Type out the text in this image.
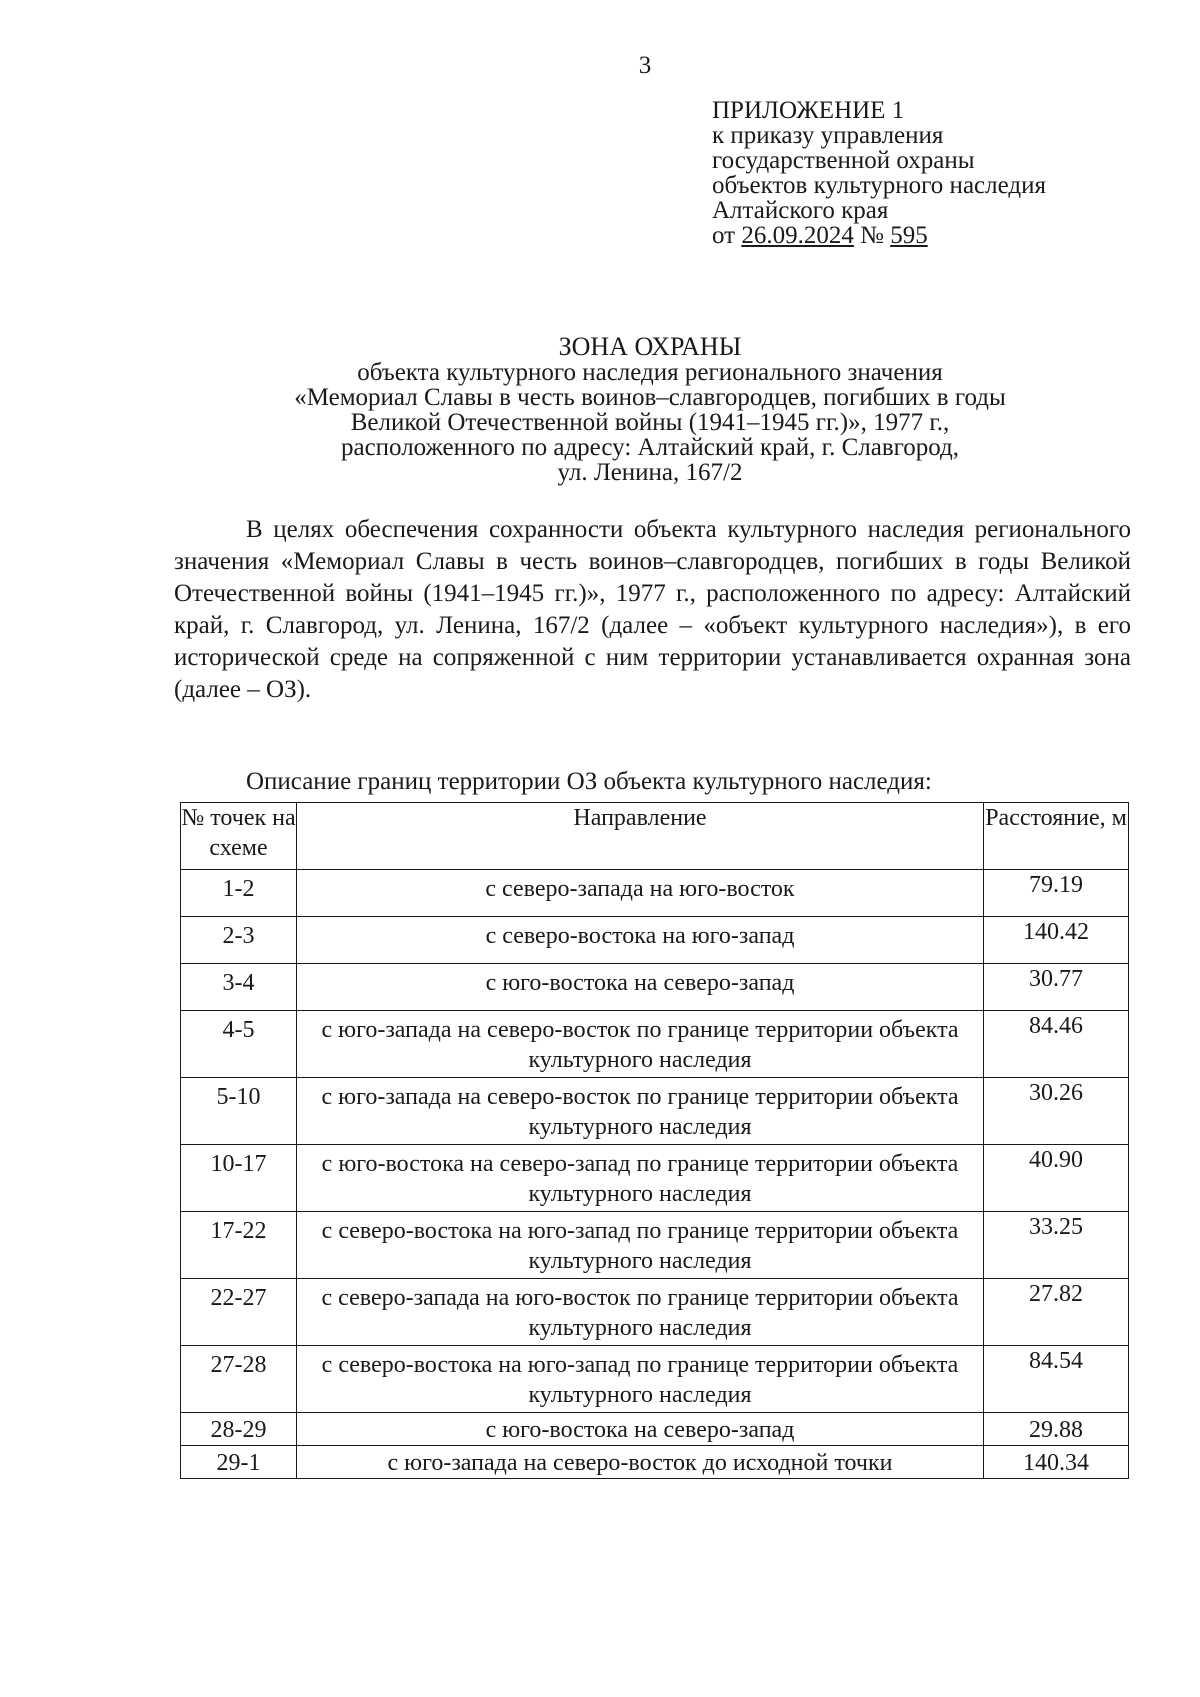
3
ПРИЛОЖЕНИЕ 1
к приказу управления
государственной охраны
объектов культурного наследия
Алтайского края
от 26.09.2024 № 595
ЗОНА ОХРАНЫ
объекта культурного наследия регионального значения
«Мемориал Славы в честь воинов–славгородцев, погибших в годы
Великой Отечественной войны (1941–1945 гг.)», 1977 г.,
расположенного по адресу: Алтайский край, г. Славгород,
ул. Ленина, 167/2
В целях обеспечения сохранности объекта культурного наследия регионального значения «Мемориал Славы в честь воинов–славгородцев, погибших в годы Великой Отечественной войны (1941–1945 гг.)», 1977 г., расположенного по адресу: Алтайский край, г. Славгород, ул. Ленина, 167/2 (далее – «объект культурного наследия»), в его исторической среде на сопряженной с ним территории устанавливается охранная зона (далее – ОЗ).
Описание границ территории ОЗ объекта культурного наследия:
№ точек на схеме	Направление	Расстояние, м
1-2	с северо-запада на юго-восток	79.19
2-3	с северо-востока на юго-запад	140.42
3-4	с юго-востока на северо-запад	30.77
4-5	с юго-запада на северо-восток по границе территории объекта культурного наследия	84.46
5-10	с юго-запада на северо-восток по границе территории объекта культурного наследия	30.26
10-17	с юго-востока на северо-запад по границе территории объекта культурного наследия	40.90
17-22	с северо-востока на юго-запад по границе территории объекта культурного наследия	33.25
22-27	с северо-запада на юго-восток по границе территории объекта культурного наследия	27.82
27-28	с северо-востока на юго-запад по границе территории объекта культурного наследия	84.54
28-29	с юго-востока на северо-запад	29.88
29-1	с юго-запада на северо-восток до исходной точки	140.34
